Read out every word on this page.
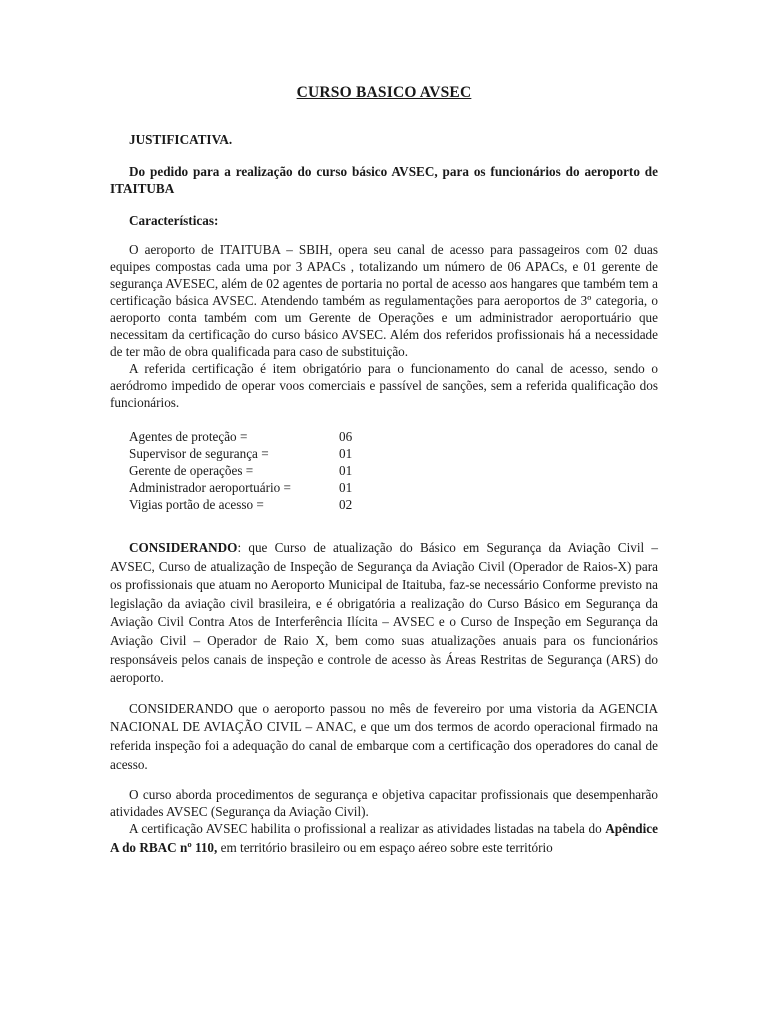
CURSO BASICO AVSEC

JUSTIFICATIVA.

Do pedido para a realização do curso básico AVSEC, para os funcionários do aeroporto de ITAITUBA

Características:

O aeroporto de ITAITUBA – SBIH, opera seu canal de acesso para passageiros com 02 duas equipes compostas cada uma por 3 APACs , totalizando um número de 06 APACs, e 01 gerente de segurança AVESEC, além de 02 agentes de portaria no portal de acesso aos hangares que também tem a certificação básica AVSEC. Atendendo também as regulamentações para aeroportos de 3º categoria, o aeroporto conta também com um Gerente de Operações e um administrador aeroportuário que necessitam da certificação do curso básico AVSEC. Além dos referidos profissionais há a necessidade de ter mão de obra qualificada para caso de substituição.

A referida certificação é item obrigatório para o funcionamento do canal de acesso, sendo o aeródromo impedido de operar voos comerciais e passível de sanções, sem a referida qualificação dos funcionários.

Agentes de proteção =	06
Supervisor de segurança =	01
Gerente de operações =	01
Administrador aeroportuário =	01
Vigias portão de acesso =	02

CONSIDERANDO: que Curso de atualização do Básico em Segurança da Aviação Civil – AVSEC, Curso de atualização de Inspeção de Segurança da Aviação Civil (Operador de Raios-X) para os profissionais que atuam no Aeroporto Municipal de Itaituba, faz-se necessário Conforme previsto na legislação da aviação civil brasileira, e é obrigatória a realização do Curso Básico em Segurança da Aviação Civil Contra Atos de Interferência Ilícita – AVSEC e o Curso de Inspeção em Segurança da Aviação Civil – Operador de Raio X, bem como suas atualizações anuais para os funcionários responsáveis pelos canais de inspeção e controle de acesso às Áreas Restritas de Segurança (ARS) do aeroporto.

CONSIDERANDO que o aeroporto passou no mês de fevereiro por uma vistoria da AGENCIA NACIONAL DE AVIAÇÃO CIVIL – ANAC, e que um dos termos de acordo operacional firmado na referida inspeção foi a adequação do canal de embarque com a certificação dos operadores do canal de acesso.

O curso aborda procedimentos de segurança e objetiva capacitar profissionais que desempenharão atividades AVSEC (Segurança da Aviação Civil).

A certificação AVSEC habilita o profissional a realizar as atividades listadas na tabela do Apêndice A do RBAC nº 110, em território brasileiro ou em espaço aéreo sobre este território
